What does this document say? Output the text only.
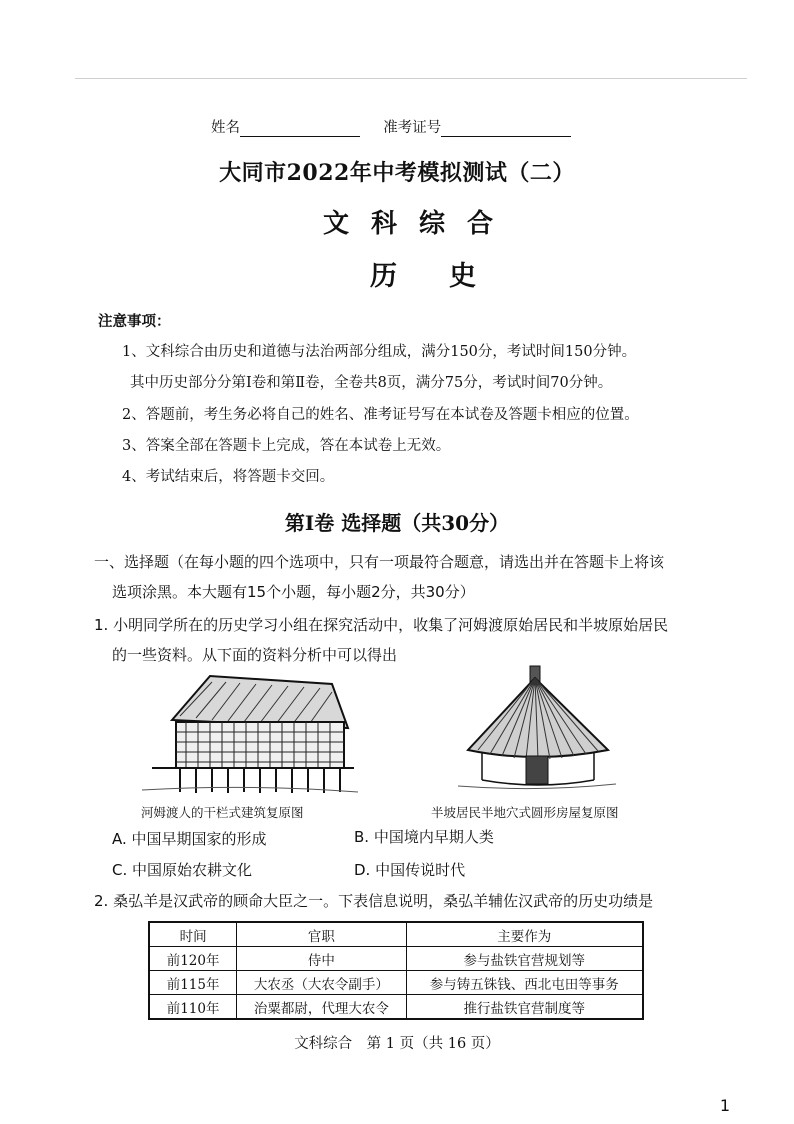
姓名	准考证号
大同市2022年中考模拟测试（二）
文科综合
历史
注意事项：
1、文科综合由历史和道德与法治两部分组成，满分150分，考试时间150分钟。
其中历史部分分第Ⅰ卷和第Ⅱ卷，全卷共8页，满分75分，考试时间70分钟。
2、答题前，考生务必将自己的姓名、准考证号写在本试卷及答题卡相应的位置。
3、答案全部在答题卡上完成，答在本试卷上无效。
4、考试结束后，将答题卡交回。
第Ⅰ卷 选择题（共30分）
一、选择题（在每小题的四个选项中，只有一项最符合题意，请选出并在答题卡上将该
选项涂黑。本大题有15个小题，每小题2分，共30分）
1. 小明同学所在的历史学习小组在探究活动中，收集了河姆渡原始居民和半坡原始居民
的一些资料。从下面的资料分析中可以得出
河姆渡人的干栏式建筑复原图	半坡居民半地穴式圆形房屋复原图
A. 中国早期国家的形成	B. 中国境内早期人类
C. 中国原始农耕文化	D. 中国传说时代
2. 桑弘羊是汉武帝的顾命大臣之一。下表信息说明，桑弘羊辅佐汉武帝的历史功绩是
时间	官职	主要作为
前120年	侍中	参与盐铁官营规划等
前115年	大农丞（大农令副手）	参与铸五铢钱、西北屯田等事务
前110年	治粟都尉，代理大农令	推行盐铁官营制度等
文科综合　第 1 页（共 16 页）
1
